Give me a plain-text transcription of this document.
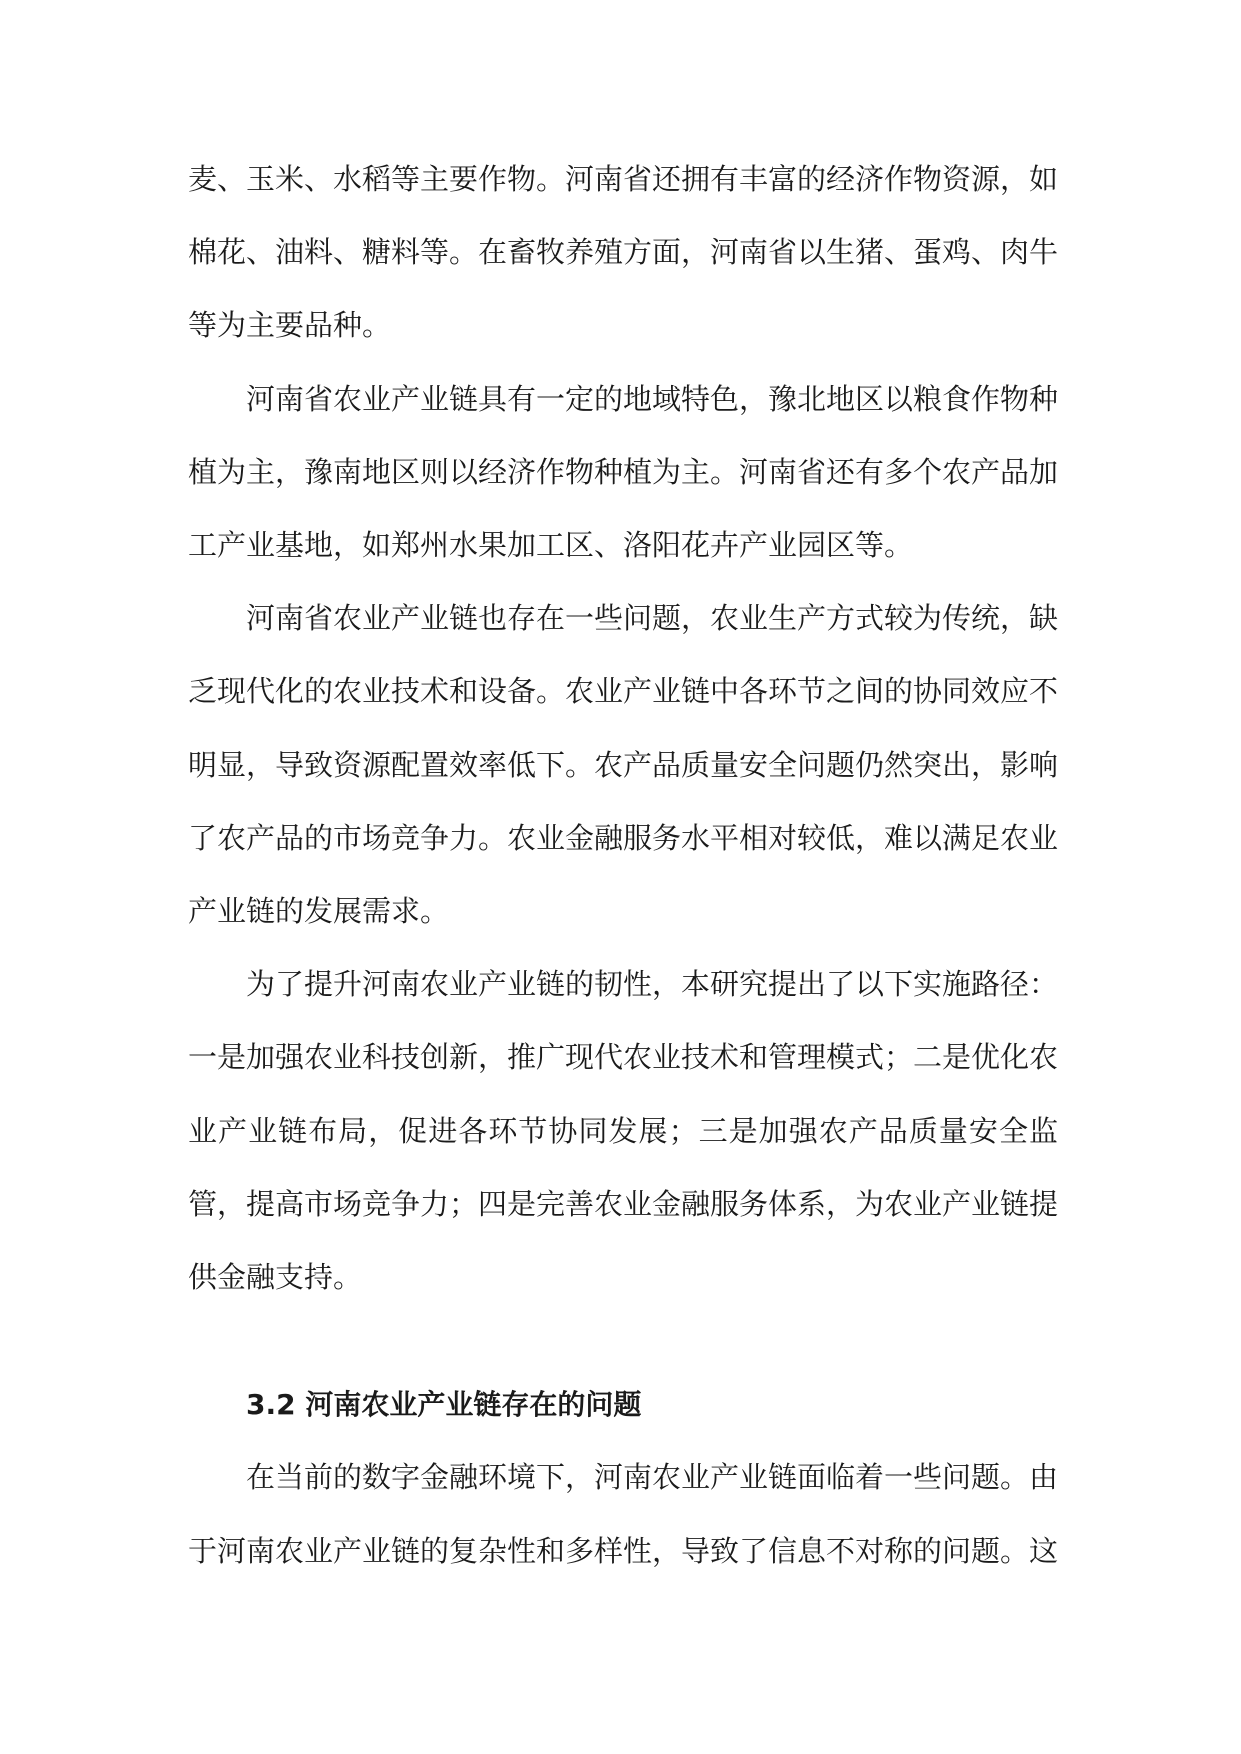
麦、玉米、水稻等主要作物。河南省还拥有丰富的经济作物资源，如棉花、油料、糖料等。在畜牧养殖方面，河南省以生猪、蛋鸡、肉牛等为主要品种。

河南省农业产业链具有一定的地域特色，豫北地区以粮食作物种植为主，豫南地区则以经济作物种植为主。河南省还有多个农产品加工产业基地，如郑州水果加工区、洛阳花卉产业园区等。

河南省农业产业链也存在一些问题，农业生产方式较为传统，缺乏现代化的农业技术和设备。农业产业链中各环节之间的协同效应不明显，导致资源配置效率低下。农产品质量安全问题仍然突出，影响了农产品的市场竞争力。农业金融服务水平相对较低，难以满足农业产业链的发展需求。

为了提升河南农业产业链的韧性，本研究提出了以下实施路径：一是加强农业科技创新，推广现代农业技术和管理模式；二是优化农业产业链布局，促进各环节协同发展；三是加强农产品质量安全监管，提高市场竞争力；四是完善农业金融服务体系，为农业产业链提供金融支持。

3.2 河南农业产业链存在的问题

在当前的数字金融环境下，河南农业产业链面临着一些问题。由于河南农业产业链的复杂性和多样性，导致了信息不对称的问题。这
